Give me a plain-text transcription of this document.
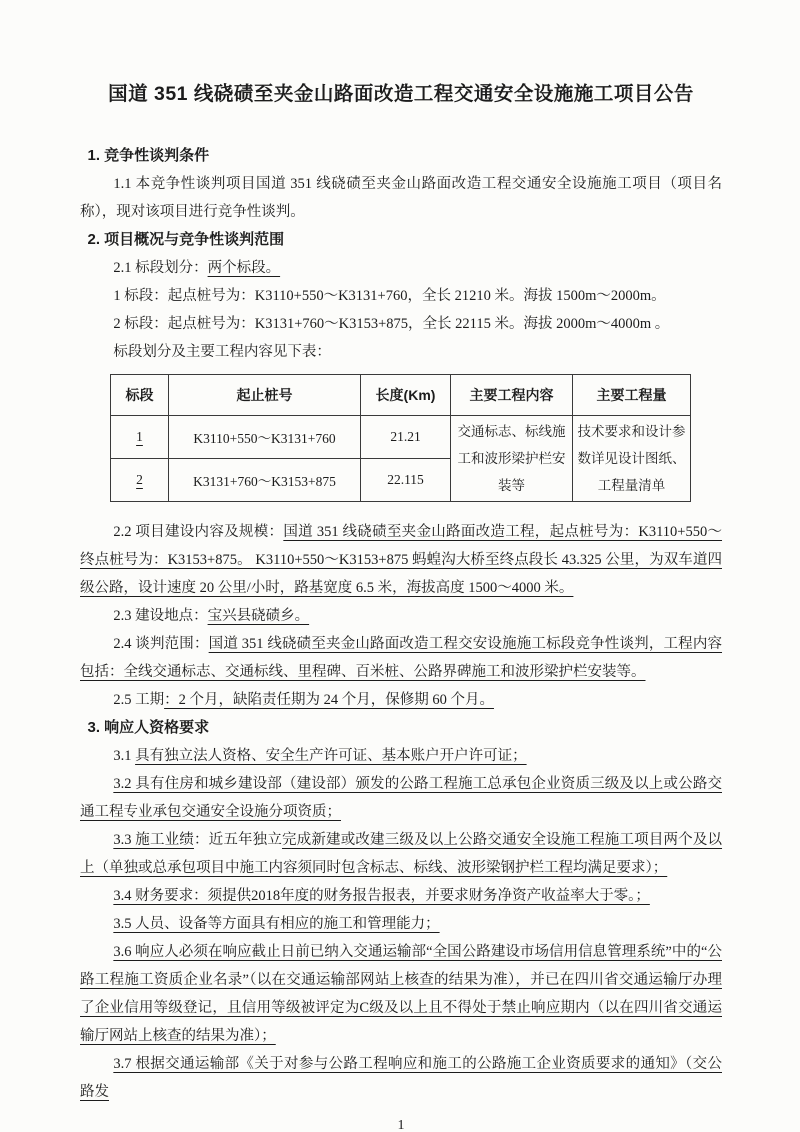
国道 351 线硗碛至夹金山路面改造工程交通安全设施施工项目公告
1. 竞争性谈判条件
1.1 本竞争性谈判项目国道 351 线硗碛至夹金山路面改造工程交通安全设施施工项目（项目名称），现对该项目进行竞争性谈判。
2. 项目概况与竞争性谈判范围
2.1 标段划分：两个标段。
1 标段：起点桩号为：K3110+550～K3131+760，全长 21210 米。海拔 1500m～2000m。
2 标段：起点桩号为：K3131+760～K3153+875，全长 22115 米。海拔 2000m～4000m 。
标段划分及主要工程内容见下表：
标段	起止桩号	长度(Km)	主要工程内容	主要工程量
1	K3110+550～K3131+760	21.21	交通标志、标线施工和波形梁护栏安装等	技术要求和设计参数详见设计图纸、工程量清单
2	K3131+760～K3153+875	22.115		
2.2 项目建设内容及规模：国道 351 线硗碛至夹金山路面改造工程，起点桩号为：K3110+550～终点桩号为：K3153+875。 K3110+550～K3153+875 蚂蝗沟大桥至终点段长 43.325 公里，为双车道四级公路，设计速度 20 公里/小时，路基宽度 6.5 米，海拔高度 1500～4000 米。
2.3 建设地点：宝兴县硗碛乡。
2.4 谈判范围：国道 351 线硗碛至夹金山路面改造工程交安设施施工标段竞争性谈判，工程内容包括：全线交通标志、交通标线、里程碑、百米桩、公路界碑施工和波形梁护栏安装等。
2.5 工期：2 个月，缺陷责任期为 24 个月，保修期 60 个月。
3. 响应人资格要求
3.1 具有独立法人资格、安全生产许可证、基本账户开户许可证；
3.2 具有住房和城乡建设部（建设部）颁发的公路工程施工总承包企业资质三级及以上或公路交通工程专业承包交通安全设施分项资质；
3.3 施工业绩：近五年独立完成新建或改建三级及以上公路交通安全设施工程施工项目两个及以上（单独或总承包项目中施工内容须同时包含标志、标线、波形梁钢护栏工程均满足要求）；
3.4 财务要求：须提供2018年度的财务报告报表，并要求财务净资产收益率大于零。；
3.5 人员、设备等方面具有相应的施工和管理能力；
3.6 响应人必须在响应截止日前已纳入交通运输部“全国公路建设市场信用信息管理系统”中的“公路工程施工资质企业名录”（以在交通运输部网站上核查的结果为准），并已在四川省交通运输厅办理了企业信用等级登记，且信用等级被评定为C级及以上且不得处于禁止响应期内（以在四川省交通运输厅网站上核查的结果为准）；
3.7 根据交通运输部《关于对参与公路工程响应和施工的公路施工企业资质要求的通知》（交公路发
1
